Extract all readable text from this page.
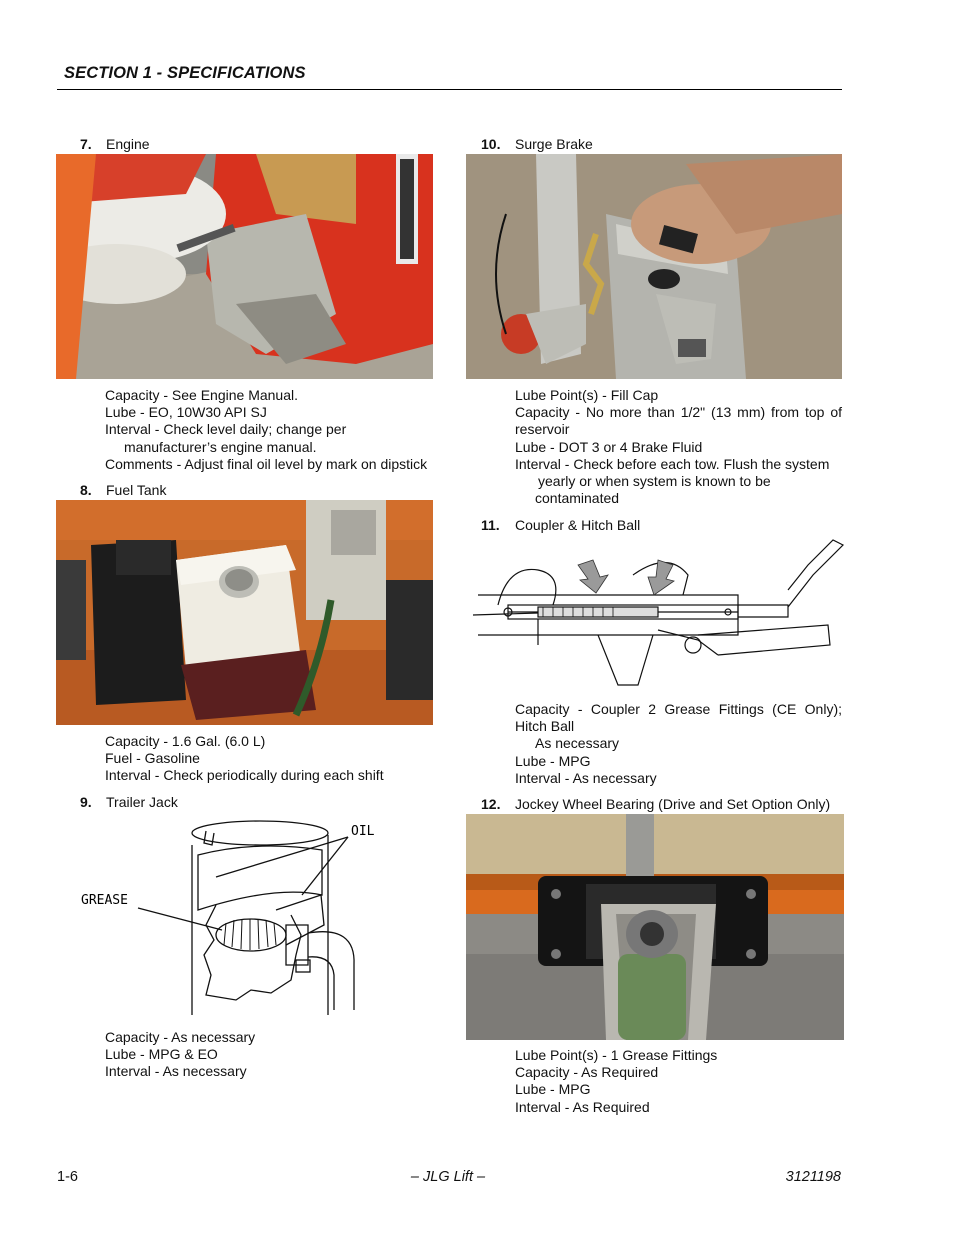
SECTION 1 - SPECIFICATIONS
7. Engine
Capacity - See Engine Manual.
Lube - EO, 10W30 API SJ
Interval - Check level daily; change per
manufacturer’s engine manual.
Comments - Adjust final oil level by mark on dipstick
8. Fuel Tank
Capacity - 1.6 Gal. (6.0 L)
Fuel - Gasoline
Interval - Check periodically during each shift
9. Trailer Jack
OIL
GREASE
Capacity - As necessary
Lube - MPG & EO
Interval - As necessary
10. Surge Brake
Lube Point(s) - Fill Cap
Capacity - No more than 1/2" (13 mm) from top of
reservoir
Lube - DOT 3 or 4 Brake Fluid
Interval - Check before each tow. Flush the system
yearly or when system is known to be
contaminated
11. Coupler & Hitch Ball
Capacity - Coupler 2 Grease Fittings (CE Only);
Hitch Ball
As necessary
Lube - MPG
Interval - As necessary
12. Jockey Wheel Bearing (Drive and Set Option Only)
Lube Point(s) - 1 Grease Fittings
Capacity - As Required
Lube - MPG
Interval - As Required
1-6	– JLG Lift –	3121198
